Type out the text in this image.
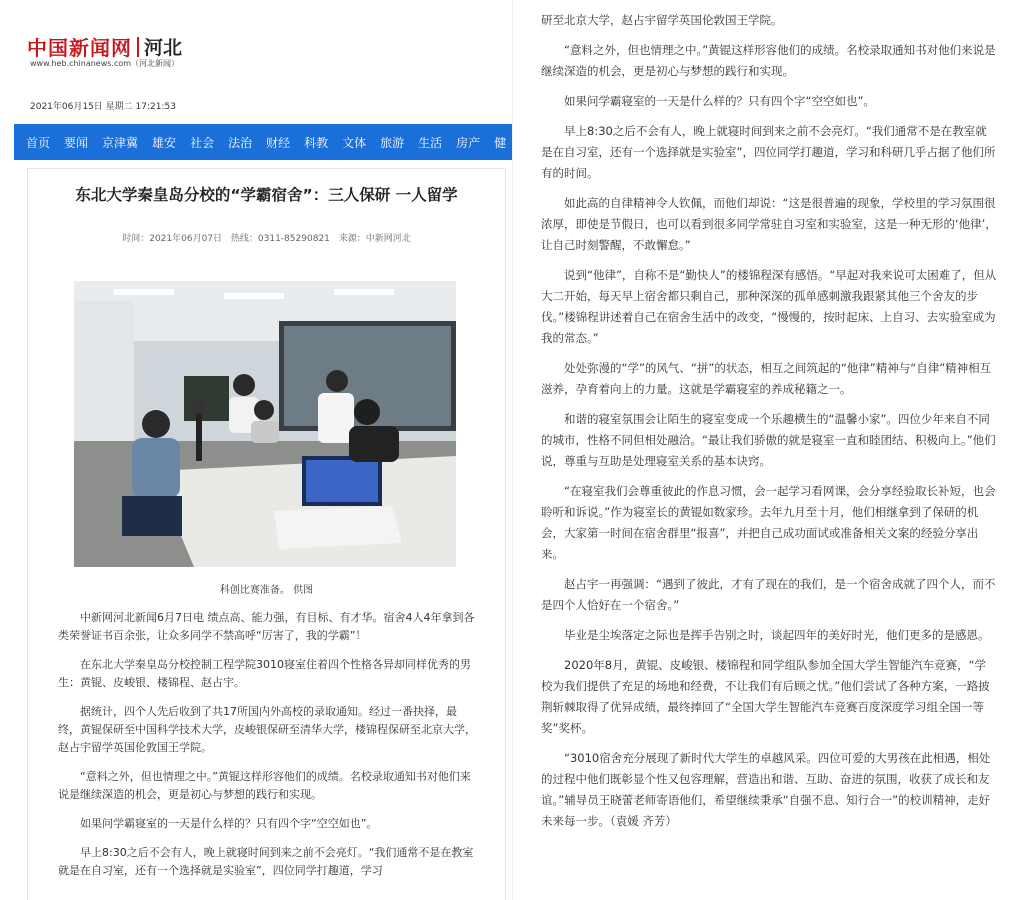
中国新闻网 河北
www.heb.chinanews.com（河北新闻）
2021年06月15日 星期二 17:21:53
首页 要闻 京津冀 雄安 社会 法治 财经 科教 文体 旅游 生活 房产 健
东北大学秦皇岛分校的“学霸宿舍”：三人保研 一人留学
时间：2021年06月07日 热线：0311-85290821 来源：中新网河北
科创比赛准备。 供图

中新网河北新闻6月7日电 绩点高、能力强，有目标、有才华。宿舍4人4年拿到各类荣誉证书百余张，让众多同学不禁高呼“厉害了，我的学霸”！

在东北大学秦皇岛分校控制工程学院3010寝室住着四个性格各异却同样优秀的男生：黄锟、皮峻银、楼锦程、赵占宇。

据统计，四个人先后收到了共17所国内外高校的录取通知。经过一番抉择，最终，黄锟保研至中国科学技术大学，皮峻银保研至清华大学，楼锦程保研至北京大学，赵占宇留学英国伦敦国王学院。

“意料之外，但也情理之中。”黄锟这样形容他们的成绩。名校录取通知书对他们来说是继续深造的机会，更是初心与梦想的践行和实现。

如果问学霸寝室的一天是什么样的？只有四个字“空空如也”。

早上8:30之后不会有人，晚上就寝时间到来之前不会亮灯。“我们通常不是在教室就是在自习室，还有一个选择就是实验室”，四位同学打趣道，学习

研至北京大学，赵占宇留学英国伦敦国王学院。

“意料之外，但也情理之中。”黄锟这样形容他们的成绩。名校录取通知书对他们来说是继续深造的机会，更是初心与梦想的践行和实现。

如果问学霸寝室的一天是什么样的？只有四个字“空空如也”。

早上8:30之后不会有人，晚上就寝时间到来之前不会亮灯。“我们通常不是在教室就是在自习室，还有一个选择就是实验室”，四位同学打趣道，学习和科研几乎占据了他们所有的时间。

如此高的自律精神令人钦佩，而他们却说：“这是很普遍的现象，学校里的学习氛围很浓厚，即使是节假日，也可以看到很多同学常驻自习室和实验室，这是一种无形的‘他律’，让自己时刻警醒，不敢懈怠。”

说到“他律”，自称不是“勤快人”的楼锦程深有感悟。“早起对我来说可太困难了，但从大二开始，每天早上宿舍都只剩自己，那种深深的孤单感刺激我跟紧其他三个舍友的步伐。”楼锦程讲述着自己在宿舍生活中的改变，“慢慢的，按时起床、上自习、去实验室成为我的常态。”

处处弥漫的“学”的风气、“拼”的状态，相互之间筑起的“他律”精神与“自律”精神相互滋养，孕育着向上的力量。这就是学霸寝室的养成秘籍之一。

和谐的寝室氛围会让陌生的寝室变成一个乐趣横生的“温馨小家”。四位少年来自不同的城市，性格不同但相处融洽。“最让我们骄傲的就是寝室一直和睦团结、积极向上。”他们说，尊重与互助是处理寝室关系的基本诀窍。

“在寝室我们会尊重彼此的作息习惯，会一起学习看网课，会分享经验取长补短，也会聆听和诉说。”作为寝室长的黄锟如数家珍。去年九月至十月，他们相继拿到了保研的机会，大家第一时间在宿舍群里“报喜”，并把自己成功面试或准备相关文案的经验分享出来。

赵占宇一再强调：“遇到了彼此，才有了现在的我们，是一个宿舍成就了四个人，而不是四个人恰好在一个宿舍。”

毕业是尘埃落定之际也是挥手告别之时，谈起四年的美好时光，他们更多的是感恩。

2020年8月，黄锟、皮峻银、楼锦程和同学组队参加全国大学生智能汽车竞赛，“学校为我们提供了充足的场地和经费，不让我们有后顾之忧。”他们尝试了各种方案，一路披荆斩棘取得了优异成绩，最终捧回了“全国大学生智能汽车竞赛百度深度学习组全国一等奖”奖杯。

“3010宿舍充分展现了新时代大学生的卓越风采。四位可爱的大男孩在此相遇，相处的过程中他们既彰显个性又包容理解，营造出和谐、互助、奋进的氛围，收获了成长和友谊。”辅导员王晓蕾老师寄语他们，希望继续秉承“自强不息、知行合一”的校训精神，走好未来每一步。（袁媛 齐芳）
